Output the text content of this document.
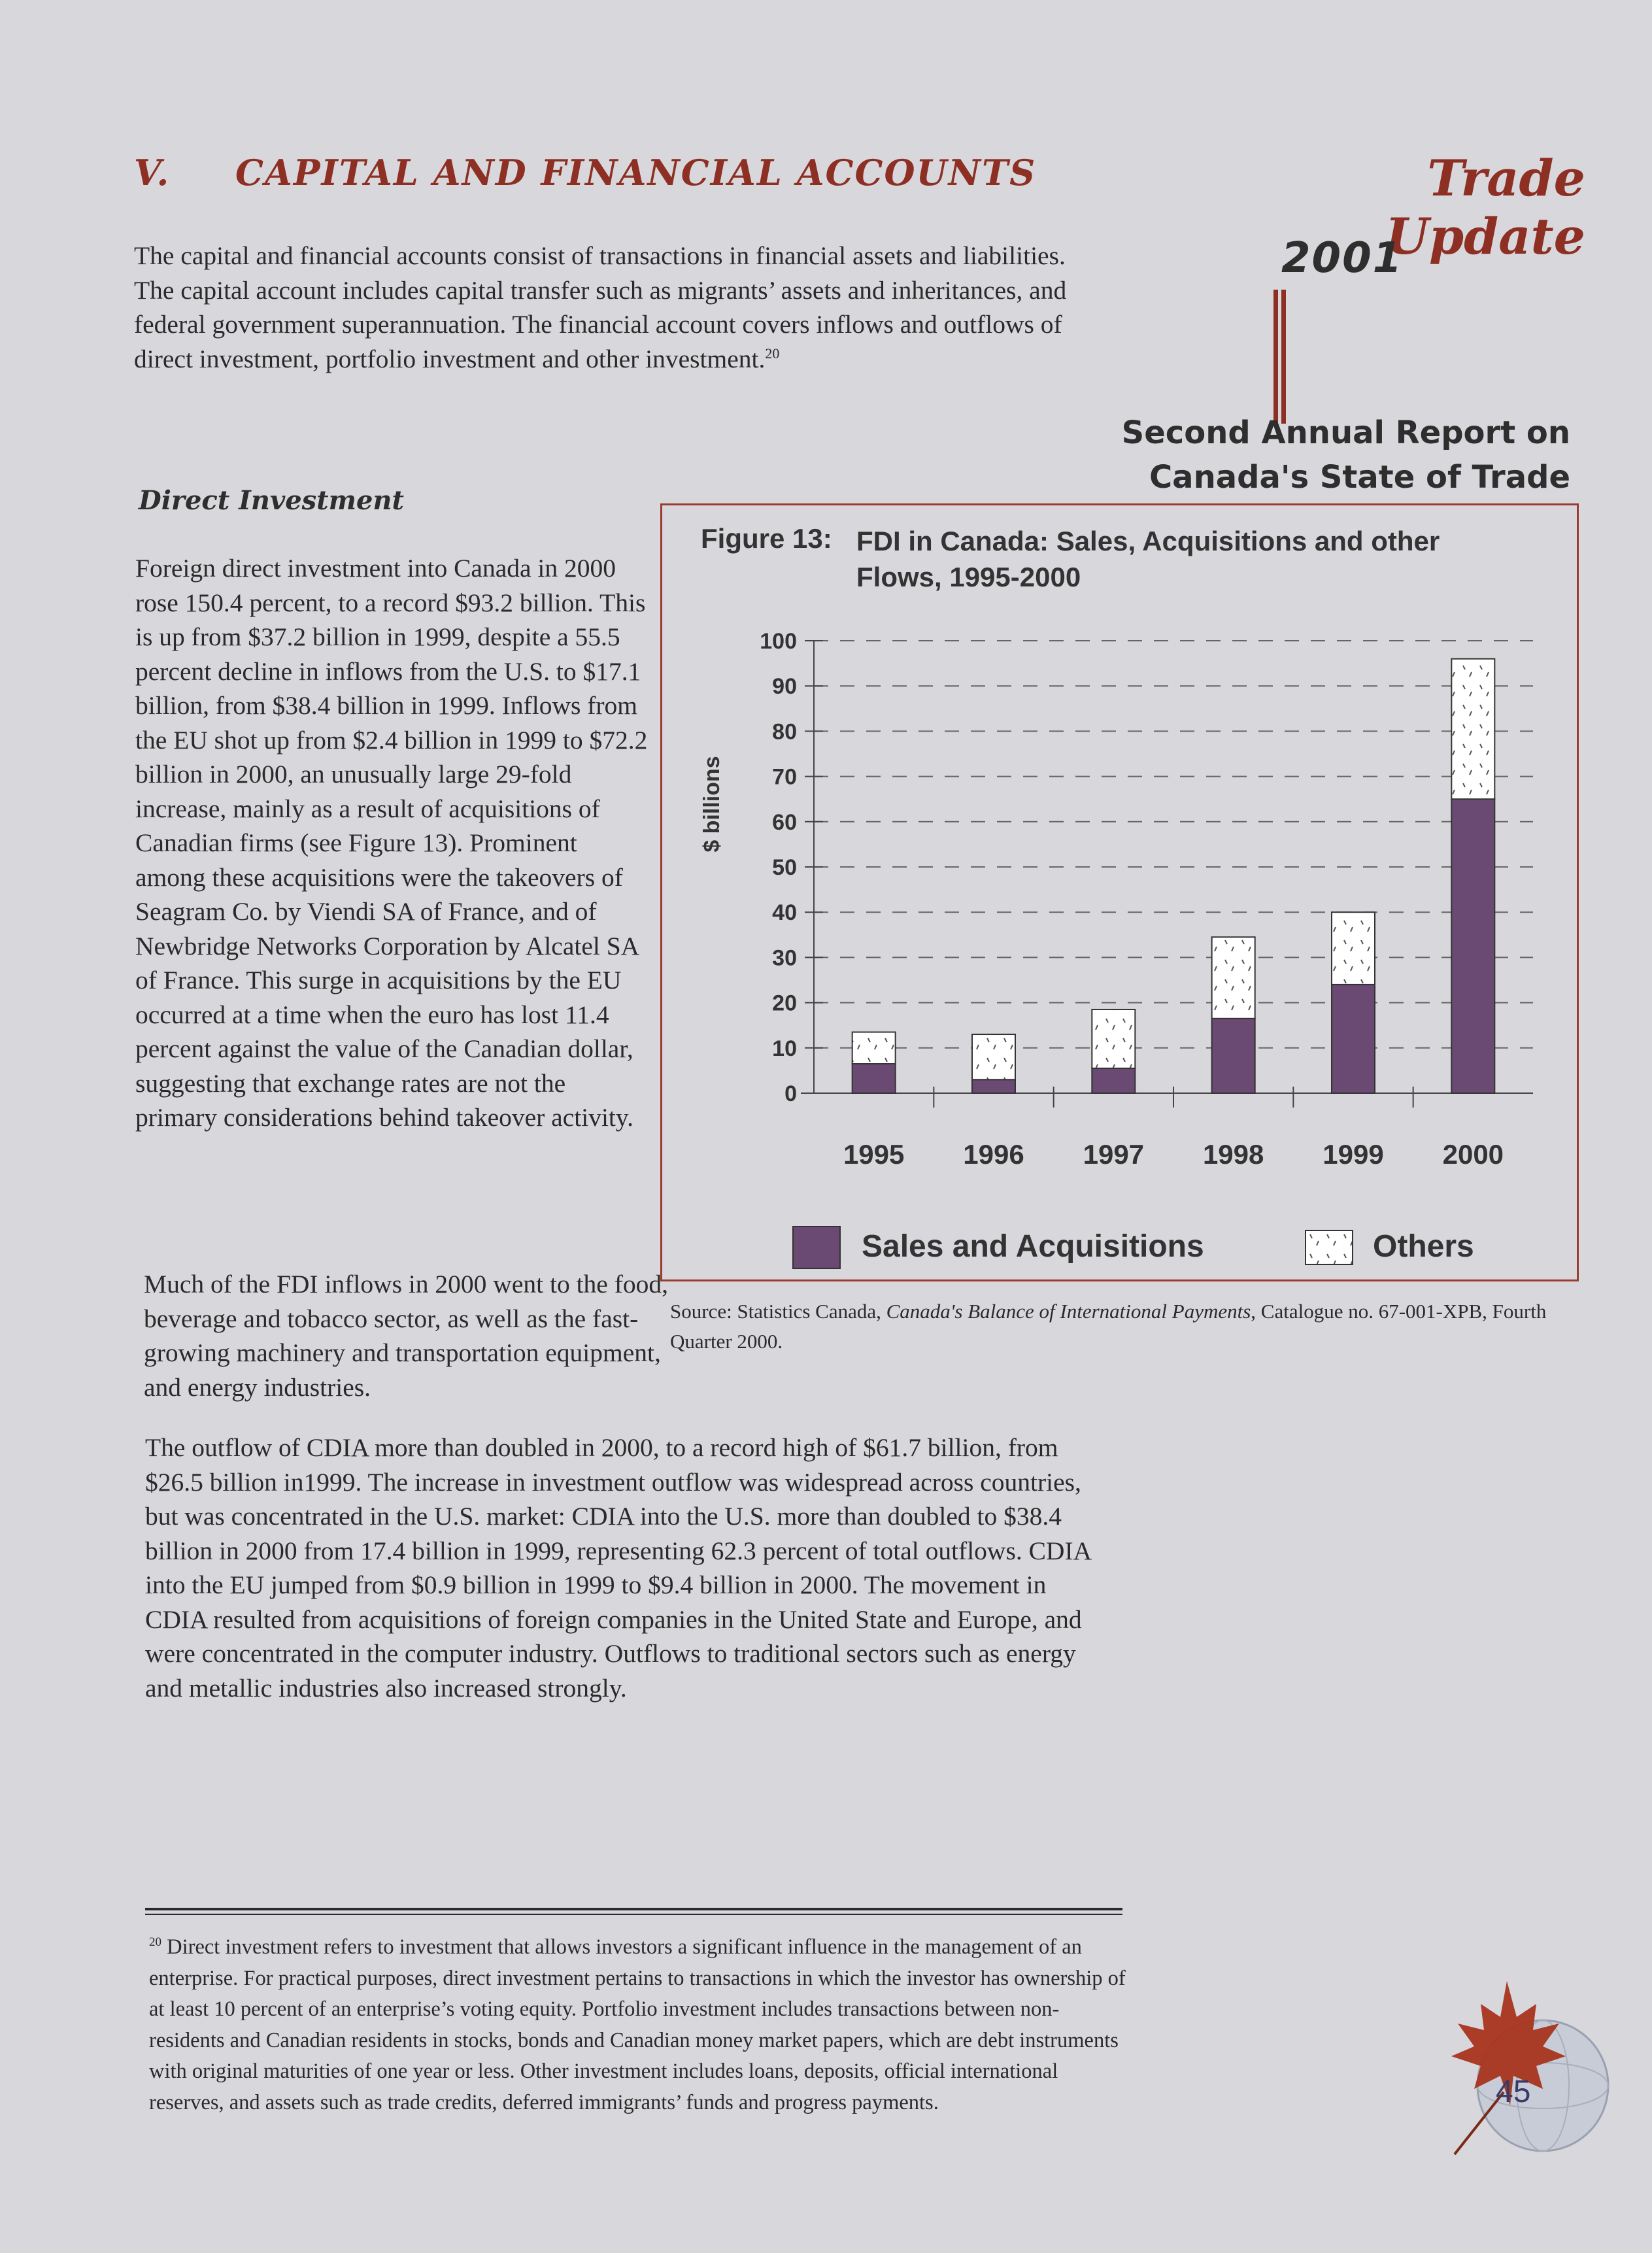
V. CAPITAL AND FINANCIAL ACCOUNTS	Trade Update
2001
Second Annual Report on
Canada's State of Trade
The capital and financial accounts consist of transactions in financial assets and liabilities. The capital account includes capital transfer such as migrants’ assets and inheritances, and federal government superannuation. The financial account covers inflows and outflows of direct investment, portfolio investment and other investment.$^{20}$
Direct Investment
Foreign direct investment into Canada in 2000 rose 150.4 percent, to a record $93.2 billion. This is up from $37.2 billion in 1999, despite a 55.5 percent decline in inflows from the U.S. to $17.1 billion, from $38.4 billion in 1999. Inflows from the EU shot up from $2.4 billion in 1999 to $72.2 billion in 2000, an unusually large 29-fold increase, mainly as a result of acquisitions of Canadian firms (see Figure 13). Prominent among these acquisitions were the takeovers of Seagram Co. by Viendi SA of France, and of Newbridge Networks Corporation by Alcatel SA of France. This surge in acquisitions by the EU occurred at a time when the euro has lost 11.4 percent against the value of the Canadian dollar, suggesting that exchange rates are not the primary considerations behind takeover activity.
Much of the FDI inflows in 2000 went to the food, beverage and tobacco sector, as well as the fast-growing machinery and transportation equipment, and energy industries.
The outflow of CDIA more than doubled in 2000, to a record high of $61.7 billion, from $26.5 billion in1999. The increase in investment outflow was widespread across countries, but was concentrated in the U.S. market: CDIA into the U.S. more than doubled to $38.4 billion in 2000 from 17.4 billion in 1999, representing 62.3 percent of total outflows. CDIA into the EU jumped from $0.9 billion in 1999 to $9.4 billion in 2000. The movement in CDIA resulted from acquisitions of foreign companies in the United State and Europe, and were concentrated in the computer industry. Outflows to traditional sectors such as energy and metallic industries also increased strongly.
Figure 13: FDI in Canada: Sales, Acquisitions and other Flows, 1995-2000
0
10
20
30
40
50
60
70
80
90
100
1995 1996 1997 1998 1999 2000
$ billions
Sales and Acquisitions	Others
Source: Statistics Canada, Canada's Balance of International Payments, Catalogue no. 67-001-XPB, Fourth Quarter 2000.
$^{20}$ Direct investment refers to investment that allows investors a significant influence in the management of an enterprise. For practical purposes, direct investment pertains to transactions in which the investor has ownership of at least 10 percent of an enterprise’s voting equity. Portfolio investment includes transactions between non-residents and Canadian residents in stocks, bonds and Canadian money market papers, which are debt instruments with original maturities of one year or less. Other investment includes loans, deposits, official international reserves, and assets such as trade credits, deferred immigrants’ funds and progress payments.	45
